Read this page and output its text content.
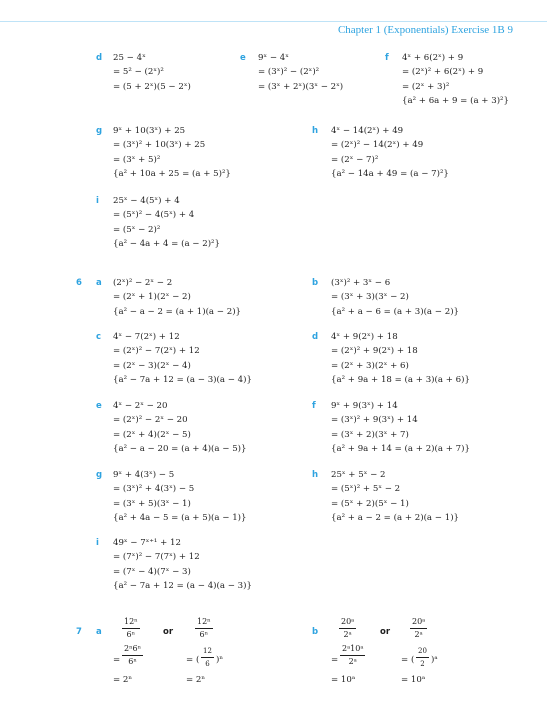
Chapter 1 (Exponentials) Exercise 1B 9
d 25 − 4ˣ
= 5² − (2ˣ)²
= (5 + 2ˣ)(5 − 2ˣ)
e 9ˣ − 4ˣ
= (3ˣ)² − (2ˣ)²
= (3ˣ + 2ˣ)(3ˣ − 2ˣ)
f 4ˣ + 6(2ˣ) + 9
= (2ˣ)² + 6(2ˣ) + 9
= (2ˣ + 3)²
{a² + 6a + 9 = (a + 3)²}
g 9ˣ + 10(3ˣ) + 25
= (3ˣ)² + 10(3ˣ) + 25
= (3ˣ + 5)²
{a² + 10a + 25 = (a + 5)²}
h 4ˣ − 14(2ˣ) + 49
= (2ˣ)² − 14(2ˣ) + 49
= (2ˣ − 7)²
{a² − 14a + 49 = (a − 7)²}
i 25ˣ − 4(5ˣ) + 4
= (5ˣ)² − 4(5ˣ) + 4
= (5ˣ − 2)²
{a² − 4a + 4 = (a − 2)²}
6 a (2ˣ)² − 2ˣ − 2
= (2ˣ + 1)(2ˣ − 2)
{a² − a − 2 = (a + 1)(a − 2)}
b (3ˣ)² + 3ˣ − 6
= (3ˣ + 3)(3ˣ − 2)
{a² + a − 6 = (a + 3)(a − 2)}
c 4ˣ − 7(2ˣ) + 12
= (2ˣ)² − 7(2ˣ) + 12
= (2ˣ − 3)(2ˣ − 4)
{a² − 7a + 12 = (a − 3)(a − 4)}
d 4ˣ + 9(2ˣ) + 18
= (2ˣ)² + 9(2ˣ) + 18
= (2ˣ + 3)(2ˣ + 6)
{a² + 9a + 18 = (a + 3)(a + 6)}
e 4ˣ − 2ˣ − 20
= (2ˣ)² − 2ˣ − 20
= (2ˣ + 4)(2ˣ − 5)
{a² − a − 20 = (a + 4)(a − 5)}
f 9ˣ + 9(3ˣ) + 14
= (3ˣ)² + 9(3ˣ) + 14
= (3ˣ + 2)(3ˣ + 7)
{a² + 9a + 14 = (a + 2)(a + 7)}
g 9ˣ + 4(3ˣ) − 5
= (3ˣ)² + 4(3ˣ) − 5
= (3ˣ + 5)(3ˣ − 1)
{a² + 4a − 5 = (a + 5)(a − 1)}
h 25ˣ + 5ˣ − 2
= (5ˣ)² + 5ˣ − 2
= (5ˣ + 2)(5ˣ − 1)
{a² + a − 2 = (a + 2)(a − 1)}
i 49ˣ − 7ˣ⁺¹ + 12
= (7ˣ)² − 7(7ˣ) + 12
= (7ˣ − 4)(7ˣ − 3)
{a² − 7a + 12 = (a − 4)(a − 3)}
7 a	$\frac{\text{12ⁿ}}{\text{6ⁿ}}$	or	$\frac{\text{12ⁿ}}{\text{6ⁿ}}$
= $\frac{\text{2ⁿ6ⁿ}}{\text{6ⁿ}}$	= ( $\frac{12}{6} )^n$
= 2ⁿ	= 2ⁿ
b	$\frac{\text{20ᵃ}}{\text{2ᵃ}}$	or $\frac{\text{20ᵃ}}{\text{2ᵃ}}$
= $\frac{\text{2ᵃ10ᵃ}}{\text{2ᵃ}}$	= ( $\frac{20}{2}$ )ᵃ
= 10ᵃ	= 10ᵃ
